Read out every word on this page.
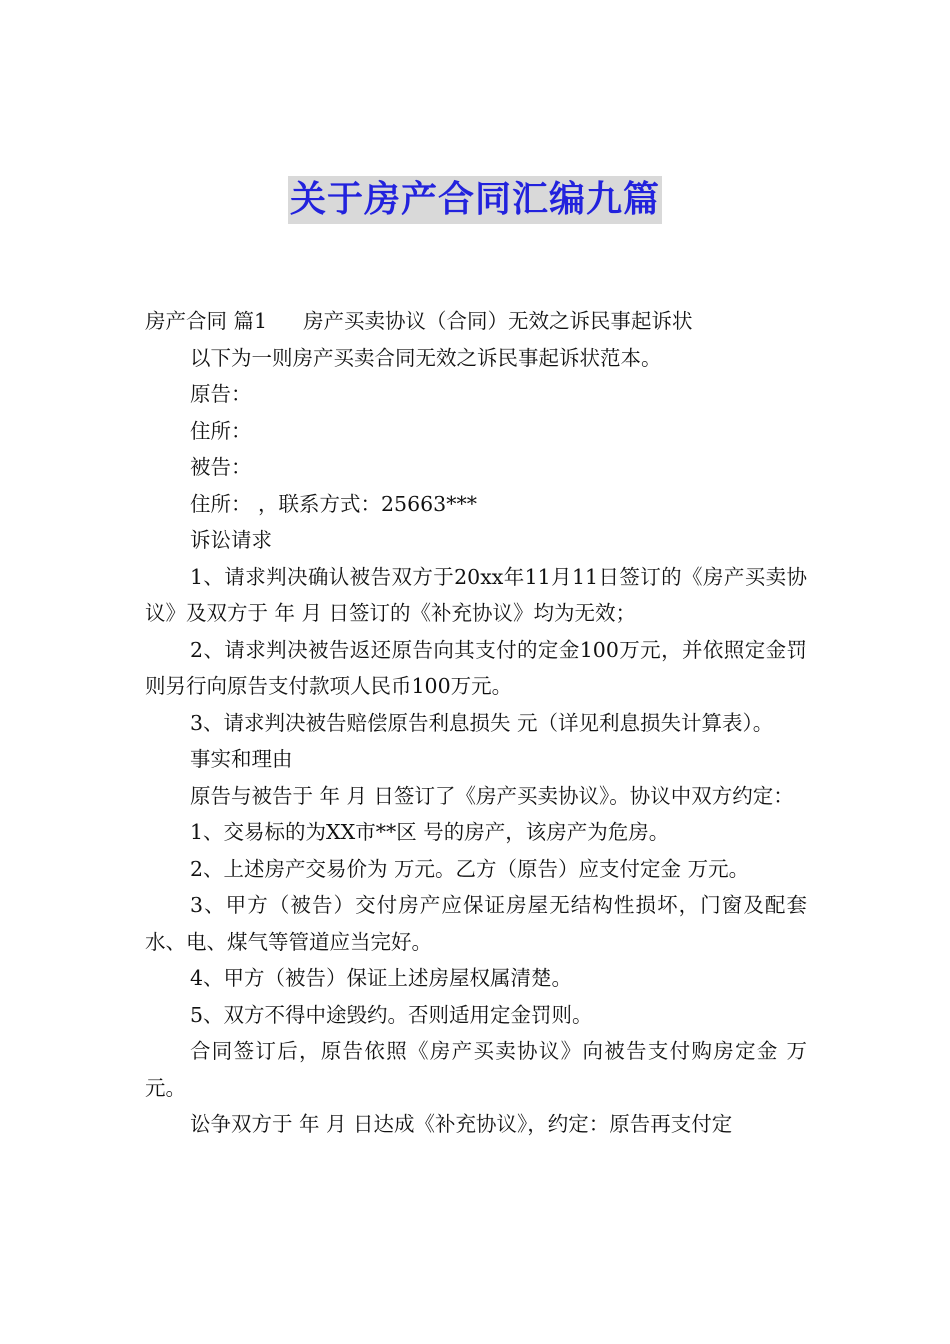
关于房产合同汇编九篇

房产合同 篇1 房产买卖协议（合同）无效之诉民事起诉状

以下为一则房产买卖合同无效之诉民事起诉状范本。

原告：

住所：

被告：

住所： ，联系方式：25663***

诉讼请求

1、请求判决确认被告双方于20xx年11月11日签订的《房产买卖协议》及双方于 年 月 日签订的《补充协议》均为无效；

2、请求判决被告返还原告向其支付的定金100万元，并依照定金罚则另行向原告支付款项人民币100万元。

3、请求判决被告赔偿原告利息损失 元（详见利息损失计算表）。

事实和理由

原告与被告于 年 月 日签订了《房产买卖协议》。协议中双方约定：

1、交易标的为XX市**区 号的房产，该房产为危房。

2、上述房产交易价为 万元。乙方（原告）应支付定金 万元。

3、甲方（被告）交付房产应保证房屋无结构性损坏，门窗及配套水、电、煤气等管道应当完好。

4、甲方（被告）保证上述房屋权属清楚。

5、双方不得中途毁约。否则适用定金罚则。

合同签订后，原告依照《房产买卖协议》向被告支付购房定金 万元。

讼争双方于 年 月 日达成《补充协议》，约定：原告再支付定
